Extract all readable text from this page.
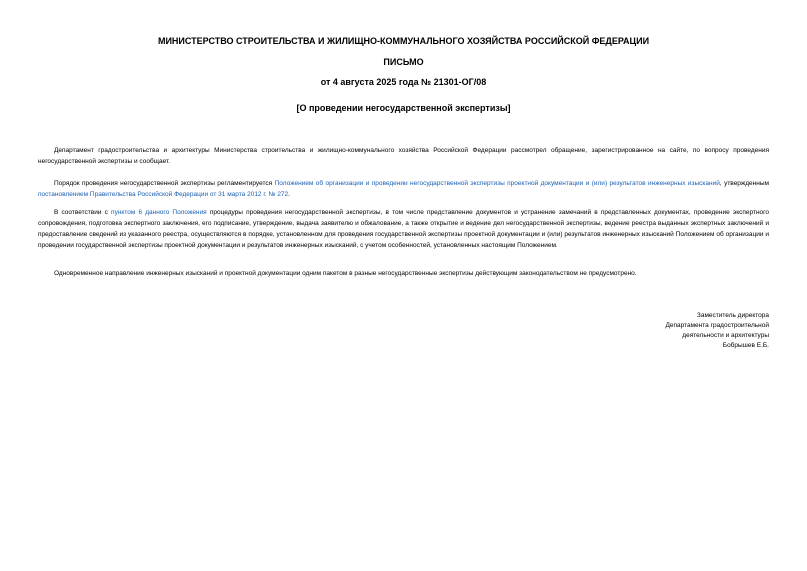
МИНИСТЕРСТВО СТРОИТЕЛЬСТВА И ЖИЛИЩНО-КОММУНАЛЬНОГО ХОЗЯЙСТВА РОССИЙСКОЙ ФЕДЕРАЦИИ
ПИСЬМО
от 4 августа 2025 года № 21301-ОГ/08
[О проведении негосударственной экспертизы]
Департамент градостроительства и архитектуры Министерства строительства и жилищно-коммунального хозяйства Российской Федерации рассмотрел обращение, зарегистрированное на сайте, по вопросу проведения негосударственной экспертизы и сообщает.
Порядок проведения негосударственной экспертизы регламентируется Положением об организации и проведении негосударственной экспертизы проектной документации и (или) результатов инженерных изысканий, утвержденным постановлением Правительства Российской Федерации от 31 марта 2012 г. № 272.
В соответствии с пунктом 6 данного Положения процедуры проведения негосударственной экспертизы, в том числе представление документов и устранение замечаний в представленных документах, проведение экспертного сопровождения, подготовка экспертного заключения, его подписание, утверждение, выдача заявителю и обжалование, а также открытие и ведение дел негосударственной экспертизы, ведение реестра выданных экспертных заключений и предоставление сведений из указанного реестра, осуществляются в порядке, установленном для проведения государственной экспертизы проектной документации и (или) результатов инженерных изысканий Положением об организации и проведении государственной экспертизы проектной документации и результатов инженерных изысканий, с учетом особенностей, установленных настоящим Положением.
Одновременное направление инженерных изысканий и проектной документации одним пакетом в разные негосударственные экспертизы действующим законодательством не предусмотрено.
Заместитель директора
Департамента градостроительной
деятельности и архитектуры
Бобрышев Е.Б.
